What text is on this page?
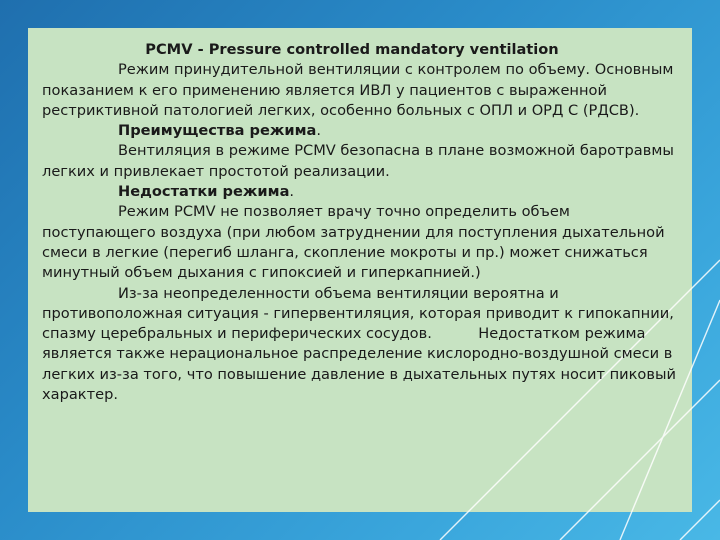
PCMV - Pressure controlled mandatory ventilation

Режим принудительной вентиляции с контролем по объему. Основным показанием к его применению является ИВЛ у пациентов с выраженной рестриктивной патологией легких, особенно больных с ОПЛ и ОРД С (РДСВ).

Преимущества режима.

Вентиляция в режиме PCMV безопасна в плане возможной баротравмы легких и привлекает простотой реализации.

Недостатки режима.

Режим PCMV не позволяет врачу точно определить объем поступающего воздуха (при любом затруднении для поступления дыхательной смеси в легкие (перегиб шланга, скопление мокроты и пр.) может снижаться минутный объем дыхания с гипоксией и гиперкапнией.)

Из-за неопределенности объема вентиляции вероятна и противоположная ситуация - гипервентиляция, которая приводит к гипокапнии, спазму церебральных и периферических сосудов.          Недостатком режима является также нерациональное распределение кислородно-воздушной смеси в легких из-за того, что повышение давление в дыхательных путях носит пиковый характер.
